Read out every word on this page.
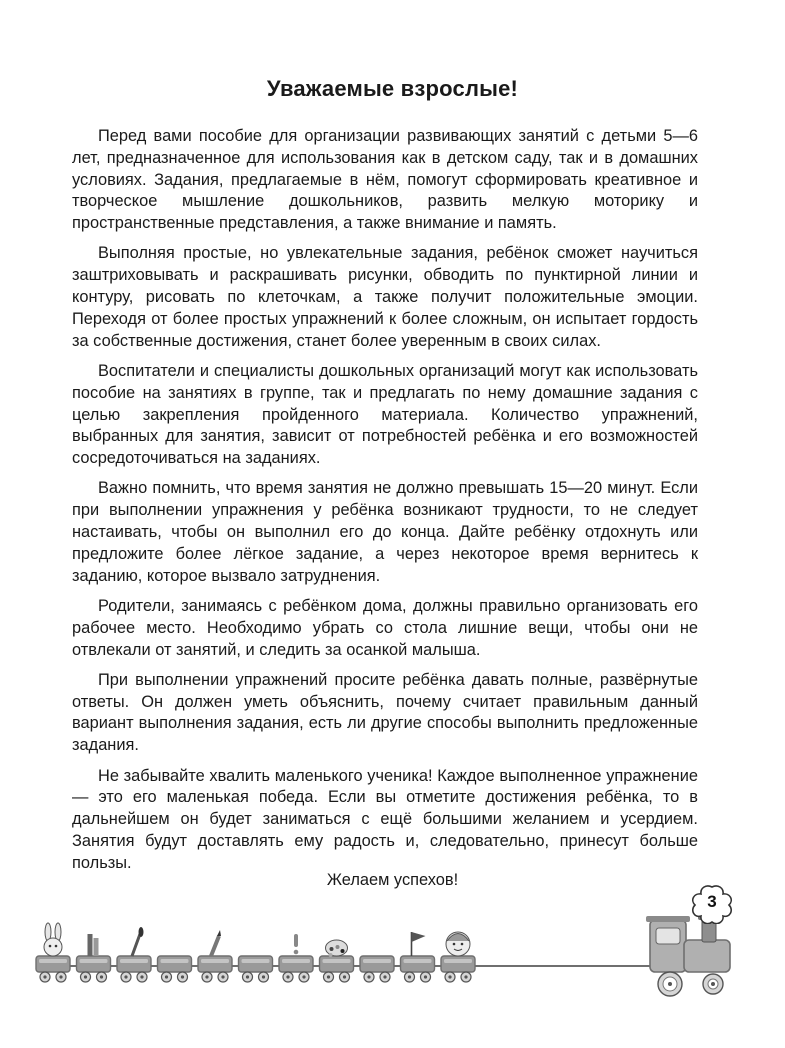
Уважаемые взрослые!

Перед вами пособие для организации развивающих занятий с детьми 5—6 лет, предназначенное для использования как в детском саду, так и в домашних условиях. Задания, предлагаемые в нём, помогут сформировать креативное и творческое мышление дошкольников, развить мелкую моторику и пространственные представления, а также внимание и память.

Выполняя простые, но увлекательные задания, ребёнок сможет научиться заштриховывать и раскрашивать рисунки, обводить по пунктирной линии и контуру, рисовать по клеточкам, а также получит положительные эмоции. Переходя от более простых упражнений к более сложным, он испытает гордость за собственные достижения, станет более уверенным в своих силах.

Воспитатели и специалисты дошкольных организаций могут как использовать пособие на занятиях в группе, так и предлагать по нему домашние задания с целью закрепления пройденного материала. Количество упражнений, выбранных для занятия, зависит от потребностей ребёнка и его возможностей сосредоточиваться на заданиях.

Важно помнить, что время занятия не должно превышать 15—20 минут. Если при выполнении упражнения у ребёнка возникают трудности, то не следует настаивать, чтобы он выполнил его до конца. Дайте ребёнку отдохнуть или предложите более лёгкое задание, а через некоторое время вернитесь к заданию, которое вызвало затруднения.

Родители, занимаясь с ребёнком дома, должны правильно организовать его рабочее место. Необходимо убрать со стола лишние вещи, чтобы они не отвлекали от занятий, и следить за осанкой малыша.

При выполнении упражнений просите ребёнка давать полные, развёрнутые ответы. Он должен уметь объяснить, почему считает правильным данный вариант выполнения задания, есть ли другие способы выполнить предложенные задания.

Не забывайте хвалить маленького ученика! Каждое выполненное упражнение — это его маленькая победа. Если вы отметите достижения ребёнка, то в дальнейшем он будет заниматься с ещё большими желанием и усердием. Занятия будут доставлять ему радость и, следовательно, принесут больше пользы.

Желаем успехов!
3
